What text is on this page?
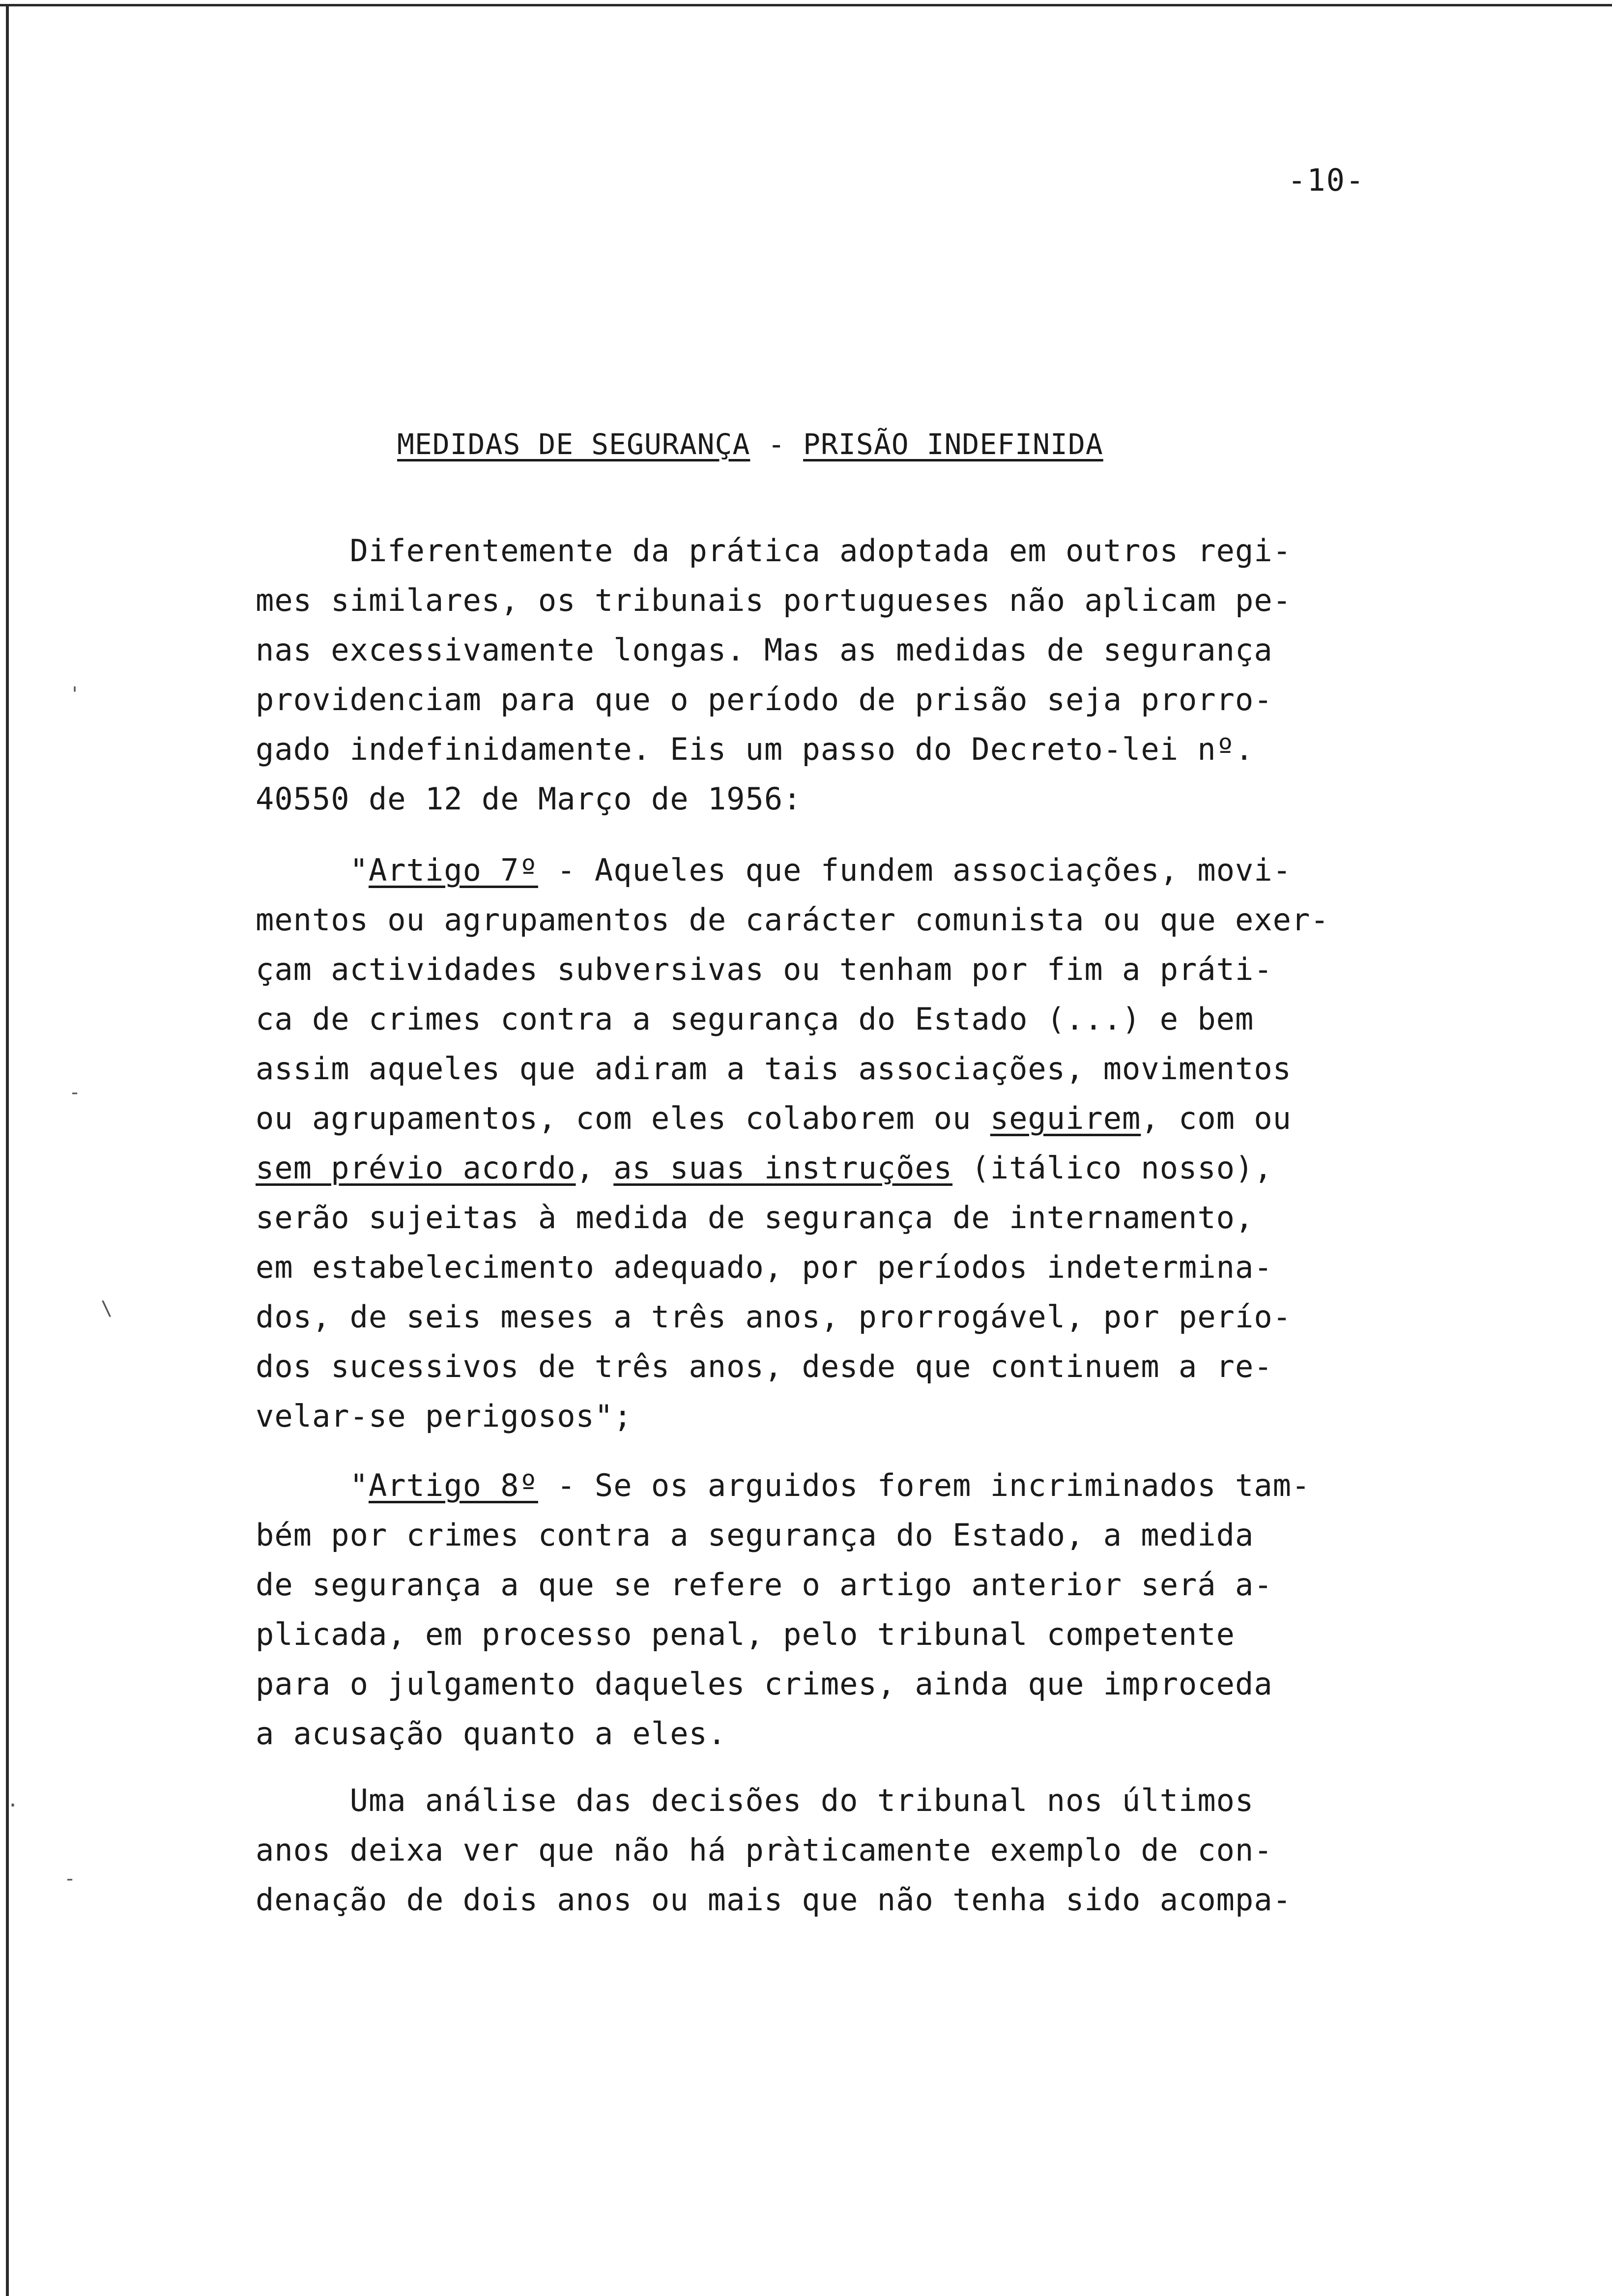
-10-
MEDIDAS DE SEGURANÇA - PRISÃO INDEFINIDA

Diferentemente da prática adoptada em outros regi-
mes similares, os tribunais portugueses não aplicam pe-
nas excessivamente longas. Mas as medidas de segurança
providenciam para que o período de prisão seja prorro-
gado indefinidamente. Eis um passo do Decreto-lei nº.
40550 de 12 de Março de 1956:

"Artigo 7º - Aqueles que fundem associações, movi-
mentos ou agrupamentos de carácter comunista ou que exer-
çam actividades subversivas ou tenham por fim a práti-
ca de crimes contra a segurança do Estado (...) e bem
assim aqueles que adiram a tais associações, movimentos
ou agrupamentos, com eles colaborem ou seguirem, com ou
sem prévio acordo, as suas instruções (itálico nosso),
serão sujeitas à medida de segurança de internamento,
em estabelecimento adequado, por períodos indetermina-
dos, de seis meses a três anos, prorrogável, por perío-
dos sucessivos de três anos, desde que continuem a re-
velar-se perigosos";

"Artigo 8º - Se os arguidos forem incriminados tam-
bém por crimes contra a segurança do Estado, a medida
de segurança a que se refere o artigo anterior será a-
plicada, em processo penal, pelo tribunal competente
para o julgamento daqueles crimes, ainda que improceda
a acusação quanto a eles.

Uma análise das decisões do tribunal nos últimos
anos deixa ver que não há pràticamente exemplo de con-
denação de dois anos ou mais que não tenha sido acompa-

'
-
\
.
-
